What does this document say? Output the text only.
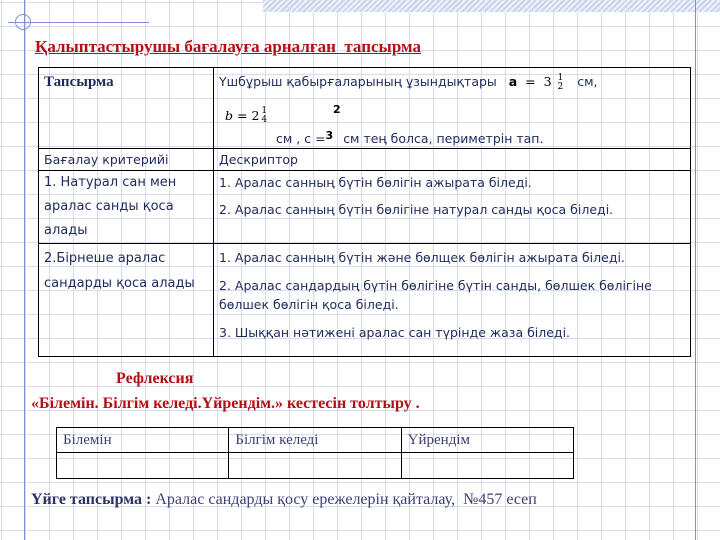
Қалыптастырушы бағалауға арналған  тапсырма
Тапсырма	Үшбұрыш қабырғаларының ұзындықтары a  =  3 1
2 см,
b = 2 1
4
2
см , с =3 см тең болса, периметрін тап.

Бағалау критерийі	Дескриптор
1. Натурал сан мен аралас санды қоса алады	1. Аралас санның бүтін бөлігін ажырата біледі.

2. Аралас санның бүтін бөлігіне натурал санды қоса біледі.

2.Бірнеше аралас сандарды қоса алады	1. Аралас санның бүтін және бөлщек бөлігін ажырата біледі.

2. Аралас сандардың бүтін бөлігіне бүтін санды, бөлшек бөлігіне бөлшек бөлігін қоса біледі.

3. Шыққан нәтижені аралас сан түрінде жаза біледі.

Рефлексия
«Білемін. Білгім келеді.Үйрендім.» кестесін толтыру .
Білемін	Білгім келеді	Үйрендім

Үйге тапсырма : Аралас сандарды қосу ережелерін қайталау,  №457 есеп
